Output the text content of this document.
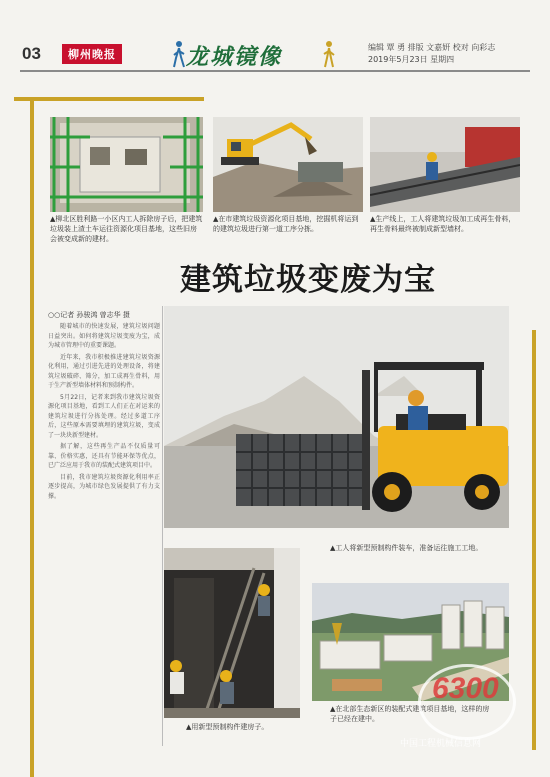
03	柳州晚报	龙城镜像	编辑 覃 勇 排版 文嘉妍 校对 向彩志
2019年5月23日 星期四
▲柳北区胜利路一小区内工人拆除房子后，把建筑垃圾装上渣土车运往资源化项目基地，这些旧房会被变成新的建材。
▲在市建筑垃圾资源化项目基地，挖掘机将运到的建筑垃圾进行第一道工序分拣。
▲生产线上，工人将建筑垃圾加工成再生骨料，再生骨料最终被制成新型墙材。
建筑垃圾变废为宝
○○记者 孙骏鸿 曾志华 摄

随着城市的快速发展，建筑垃圾问题日益突出。如何将建筑垃圾变废为宝，成为城市管理中的重要课题。

近年来，我市积极推进建筑垃圾资源化利用，通过引进先进的处理设备，将建筑垃圾破碎、筛分，加工成再生骨料，用于生产新型墙体材料和预制构件。

5月22日，记者来到我市建筑垃圾资源化项目基地，看到工人们正在对运来的建筑垃圾进行分拣处理。经过多道工序后，这些原本需要填埋的建筑垃圾，变成了一块块新型建材。

据了解，这些再生产品不仅质量可靠、价格实惠，还具有节能环保等优点，已广泛应用于我市的装配式建筑项目中。

目前，我市建筑垃圾资源化利用率正逐步提高，为城市绿色发展提供了有力支撑。

▲工人将新型预制构件装车，准备运往施工工地。
▲用新型预制构件建房子。
▲在北部生态新区的装配式建筑项目基地，这样的房子已经在建中。
6300
中国工程机械信息网
